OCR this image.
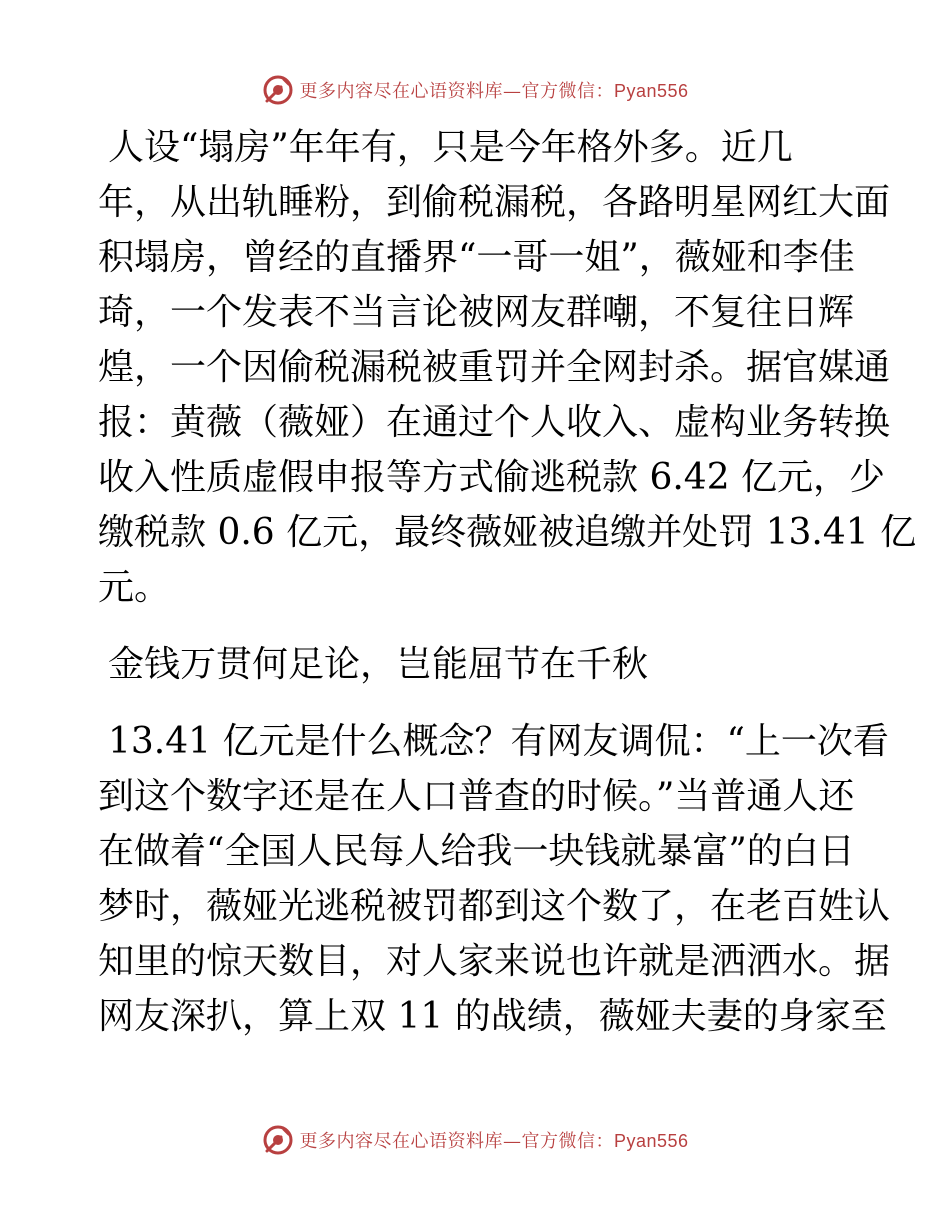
更多内容尽在心语资料库—官方微信：Pyan556
人设“塌房”年年有，只是今年格外多。近几
年，从出轨睡粉，到偷税漏税，各路明星网红大面
积塌房，曾经的直播界“一哥一姐”，薇娅和李佳
琦，一个发表不当言论被网友群嘲，不复往日辉
煌，一个因偷税漏税被重罚并全网封杀。据官媒通
报：黄薇（薇娅）在通过个人收入、虚构业务转换
收入性质虚假申报等方式偷逃税款 6.42 亿元，少
缴税款 0.6 亿元，最终薇娅被追缴并处罚 13.41 亿
元。
金钱万贯何足论，岂能屈节在千秋
13.41 亿元是什么概念？有网友调侃：“上一次看
到这个数字还是在人口普查的时候。”当普通人还
在做着“全国人民每人给我一块钱就暴富”的白日
梦时，薇娅光逃税被罚都到这个数了，在老百姓认
知里的惊天数目，对人家来说也许就是洒洒水。据
网友深扒，算上双 11 的战绩，薇娅夫妻的身家至
更多内容尽在心语资料库—官方微信：Pyan556
